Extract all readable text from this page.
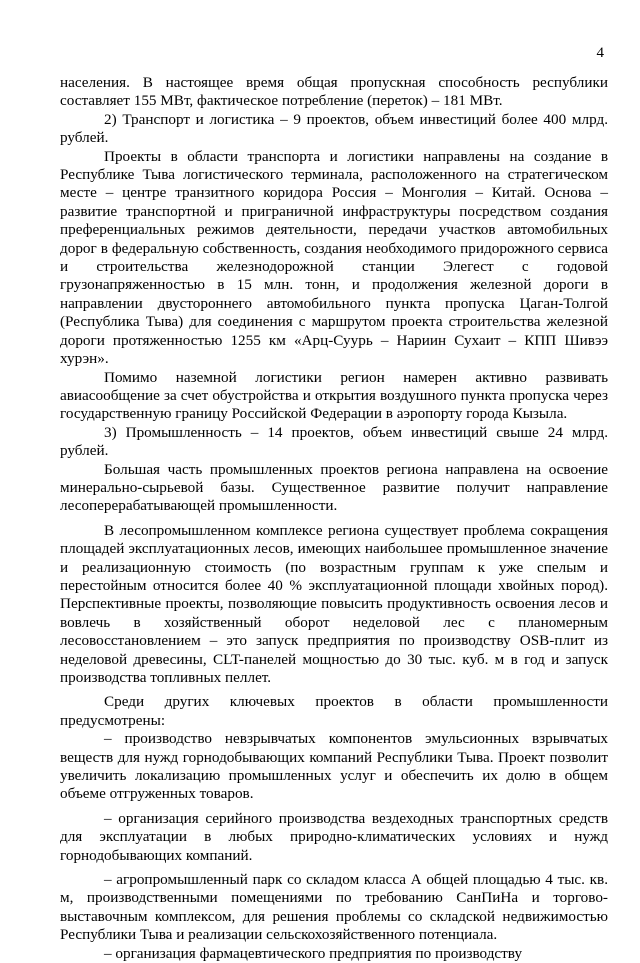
4

населения. В настоящее время общая пропускная способность республики составляет 155 МВт, фактическое потребление (переток) – 181 МВт.

2) Транспорт и логистика – 9 проектов, объем инвестиций более 400 млрд. рублей.

Проекты в области транспорта и логистики направлены на создание в Республике Тыва логистического терминала, расположенного на стратегическом месте – центре транзитного коридора Россия – Монголия – Китай. Основа – развитие транспортной и приграничной инфраструктуры посредством создания преференциальных режимов деятельности, передачи участков автомобильных дорог в федеральную собственность, создания необходимого придорожного сервиса и строительства железнодорожной станции Элегест с годовой грузонапряженностью в 15 млн. тонн, и продолжения железной дороги в направлении двустороннего автомобильного пункта пропуска Цаган-Толгой (Республика Тыва) для соединения с маршрутом проекта строительства железной дороги протяженностью 1255 км «Арц-Суурь – Нариин Сухаит – КПП Шивээ хурэн».

Помимо наземной логистики регион намерен активно развивать авиасообщение за счет обустройства и открытия воздушного пункта пропуска через государственную границу Российской Федерации в аэропорту города Кызыла.

3) Промышленность – 14 проектов, объем инвестиций свыше 24 млрд. рублей.

Большая часть промышленных проектов региона направлена на освоение минерально-сырьевой базы. Существенное развитие получит направление лесоперерабатывающей промышленности.

В лесопромышленном комплексе региона существует проблема сокращения площадей эксплуатационных лесов, имеющих наибольшее промышленное значение и реализационную стоимость (по возрастным группам к уже спелым и перестойным относится более 40 % эксплуатационной площади хвойных пород). Перспективные проекты, позволяющие повысить продуктивность освоения лесов и вовлечь в хозяйственный оборот неделовой лес с планомерным лесовосстановлением – это запуск предприятия по производству OSB-плит из неделовой древесины, CLT-панелей мощностью до 30 тыс. куб. м в год и запуск производства топливных пеллет.

Среди других ключевых проектов в области промышленности предусмотрены:

– производство невзрывчатых компонентов эмульсионных взрывчатых веществ для нужд горнодобывающих компаний Республики Тыва. Проект позволит увеличить локализацию промышленных услуг и обеспечить их долю в общем объеме отгруженных товаров.

– организация серийного производства вездеходных транспортных средств для эксплуатации в любых природно-климатических условиях и нужд горнодобывающих компаний.

– агропромышленный парк со складом класса А общей площадью 4 тыс. кв. м, производственными помещениями по требованию СанПиНа и торгово-выставочным комплексом, для решения проблемы со складской недвижимостью Республики Тыва и реализации сельскохозяйственного потенциала.

– организация фармацевтического предприятия по производству
